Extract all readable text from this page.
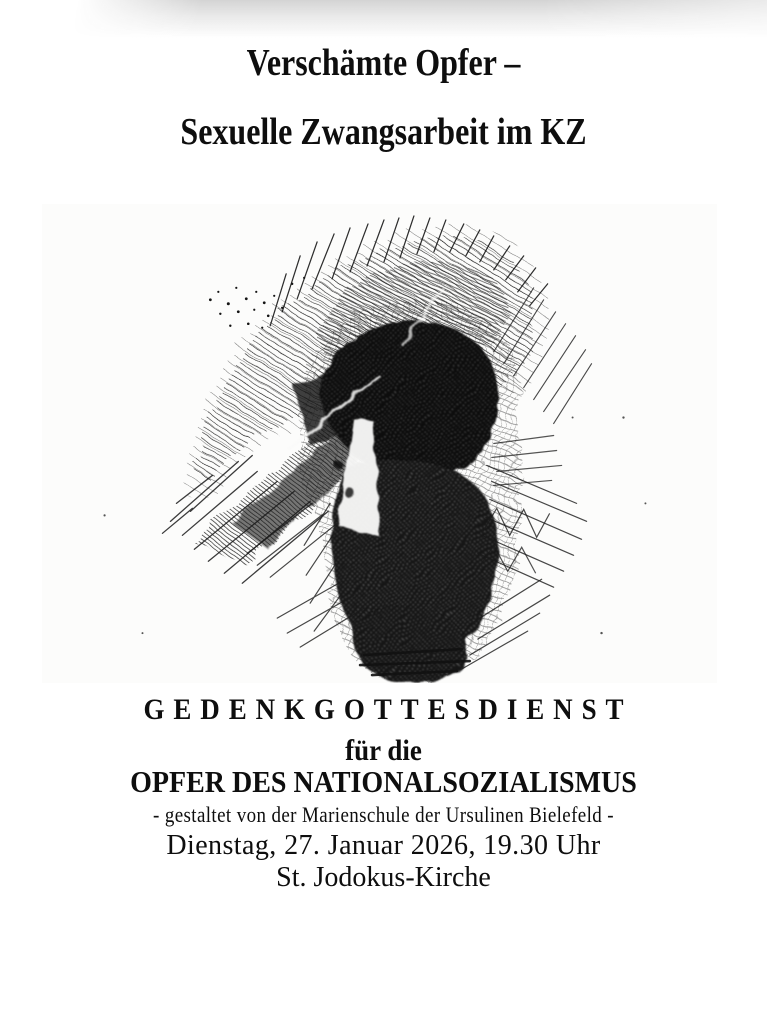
Verschämte Opfer –
Sexuelle Zwangsarbeit im KZ
GEDENKGOTTESDIENST
für die
OPFER DES NATIONALSOZIALISMUS
- gestaltet von der Marienschule der Ursulinen Bielefeld -
Dienstag, 27. Januar 2026, 19.30 Uhr
St. Jodokus-Kirche
